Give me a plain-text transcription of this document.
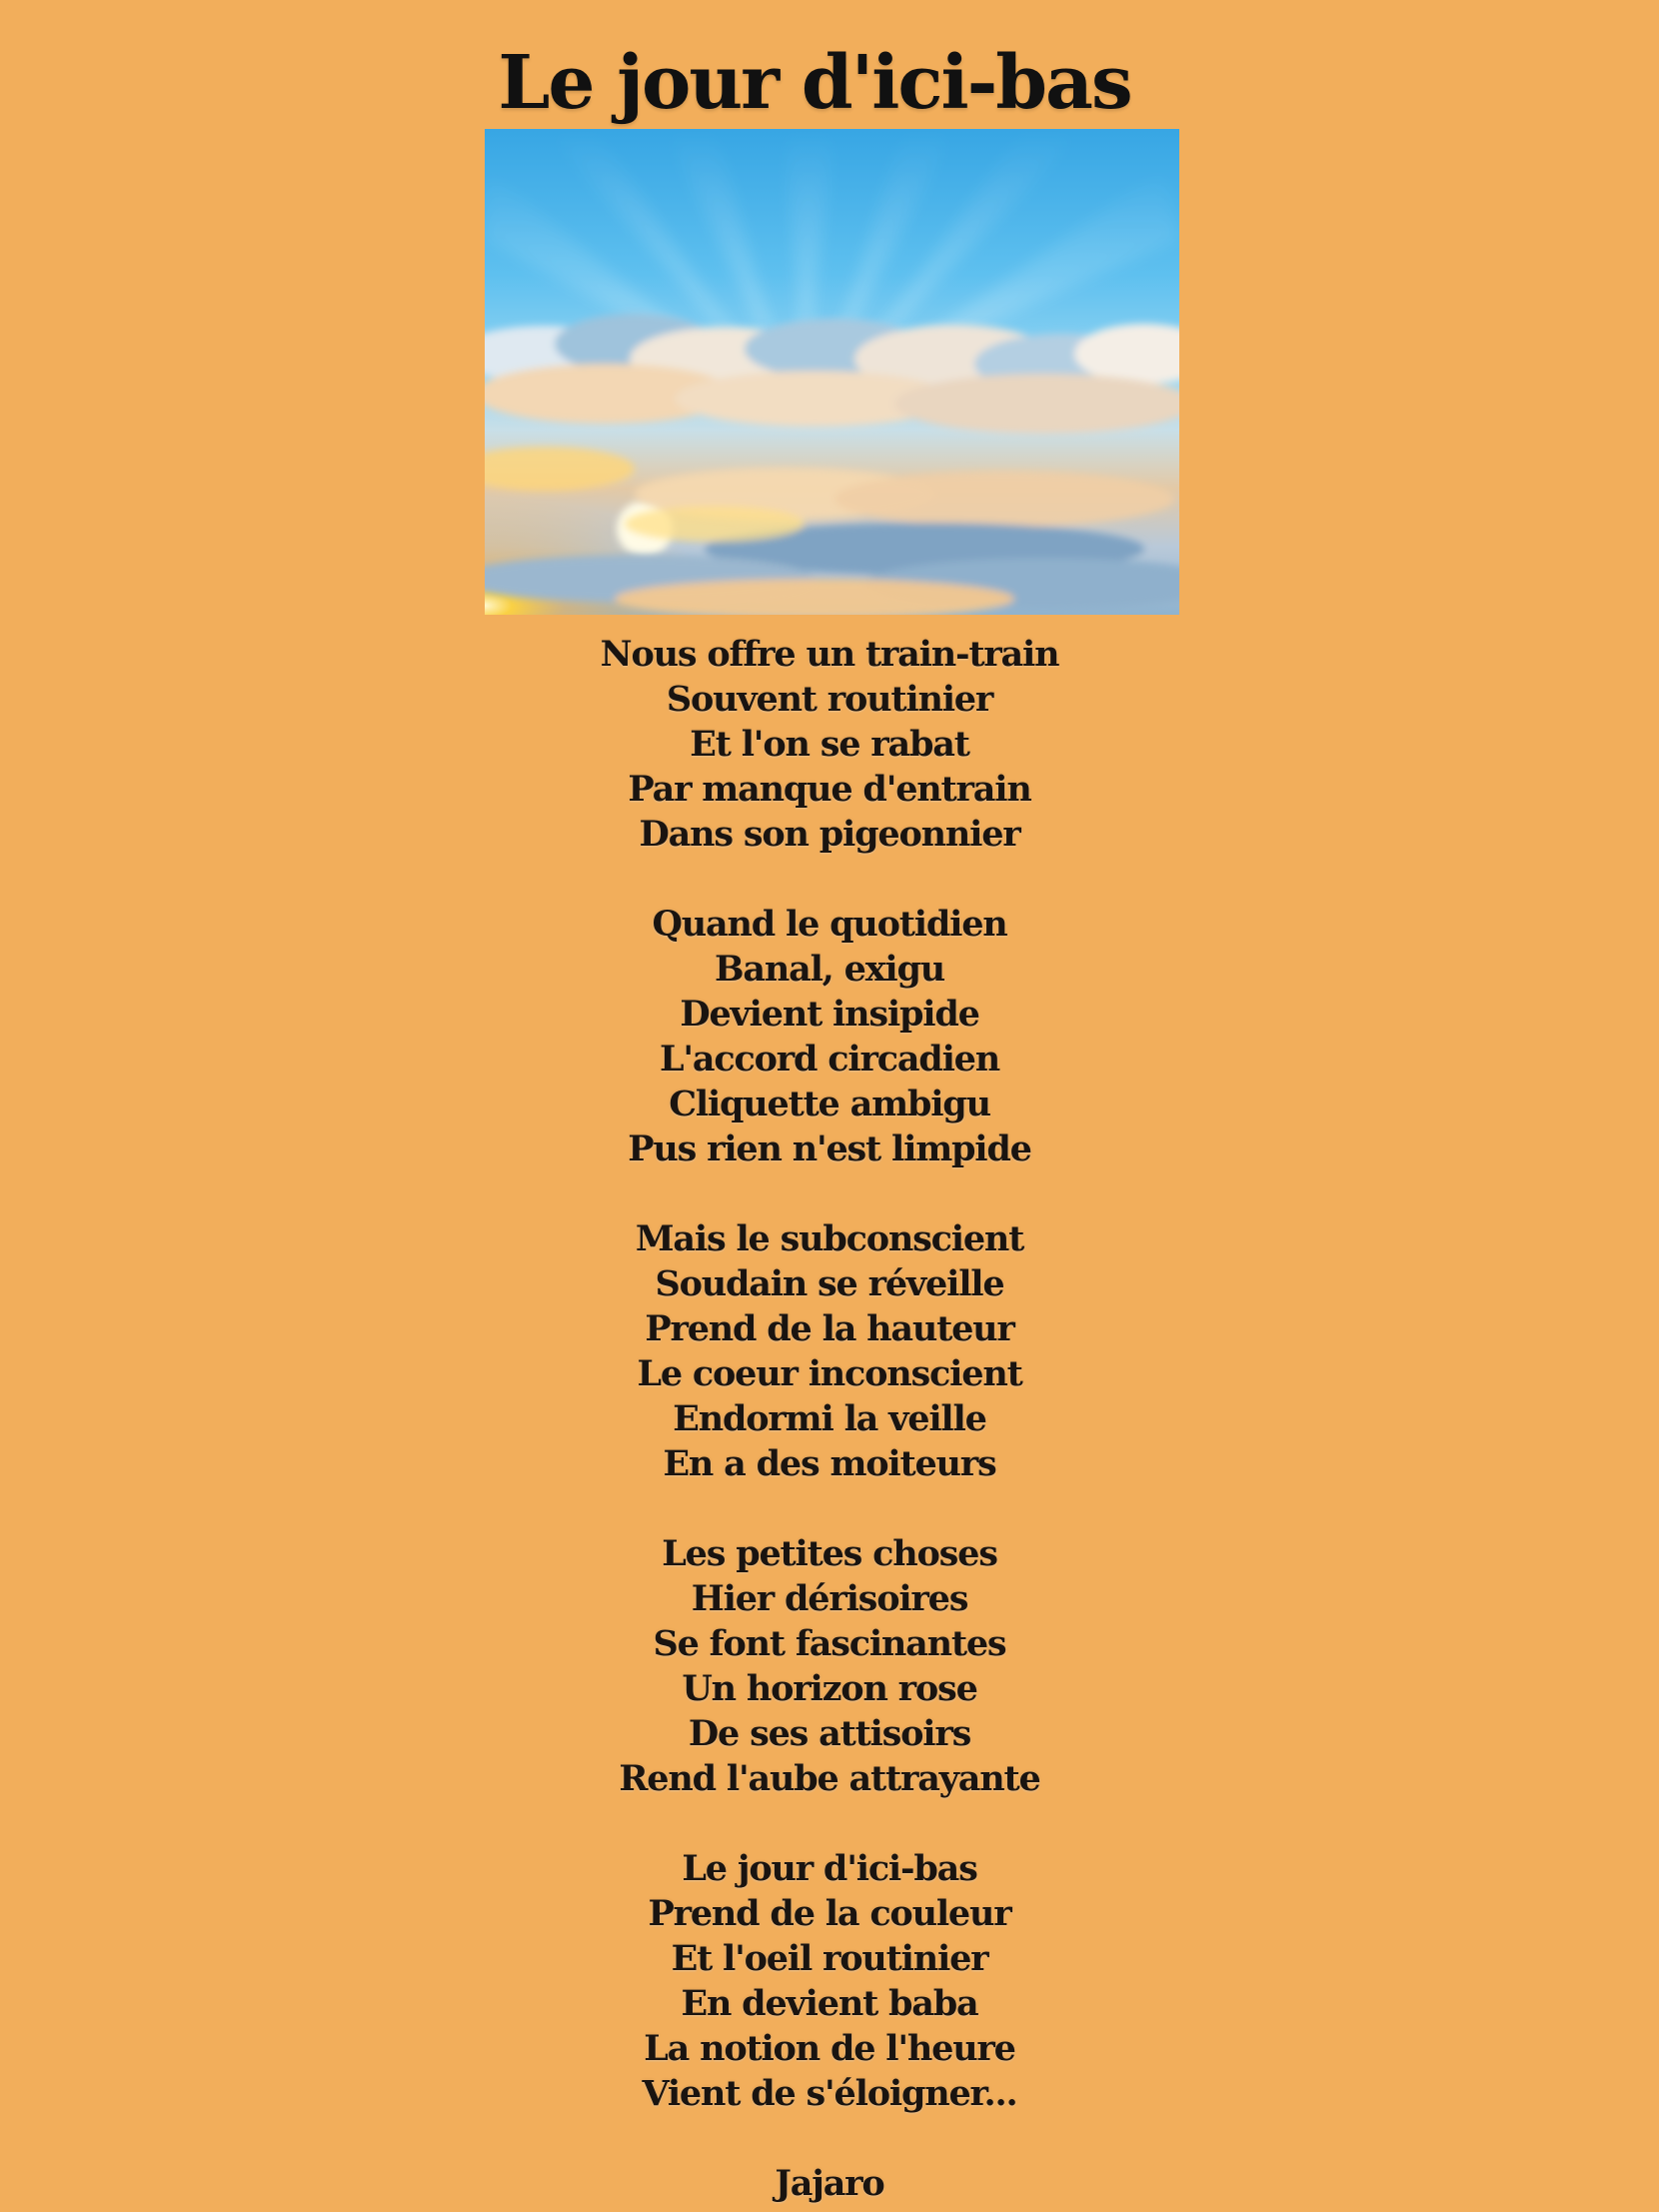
Le jour d'ici-bas
Nous offre un train-train
Souvent routinier
Et l'on se rabat
Par manque d'entrain
Dans son pigeonnier
Quand le quotidien
Banal, exigu
Devient insipide
L'accord circadien
Cliquette ambigu
Pus rien n'est limpide
Mais le subconscient
Soudain se réveille
Prend de la hauteur
Le coeur inconscient
Endormi la veille
En a des moiteurs
Les petites choses
Hier dérisoires
Se font fascinantes
Un horizon rose
De ses attisoirs
Rend l'aube attrayante
Le jour d'ici-bas
Prend de la couleur
Et l'oeil routinier
En devient baba
La notion de l'heure
Vient de s'éloigner...
Jajaro
